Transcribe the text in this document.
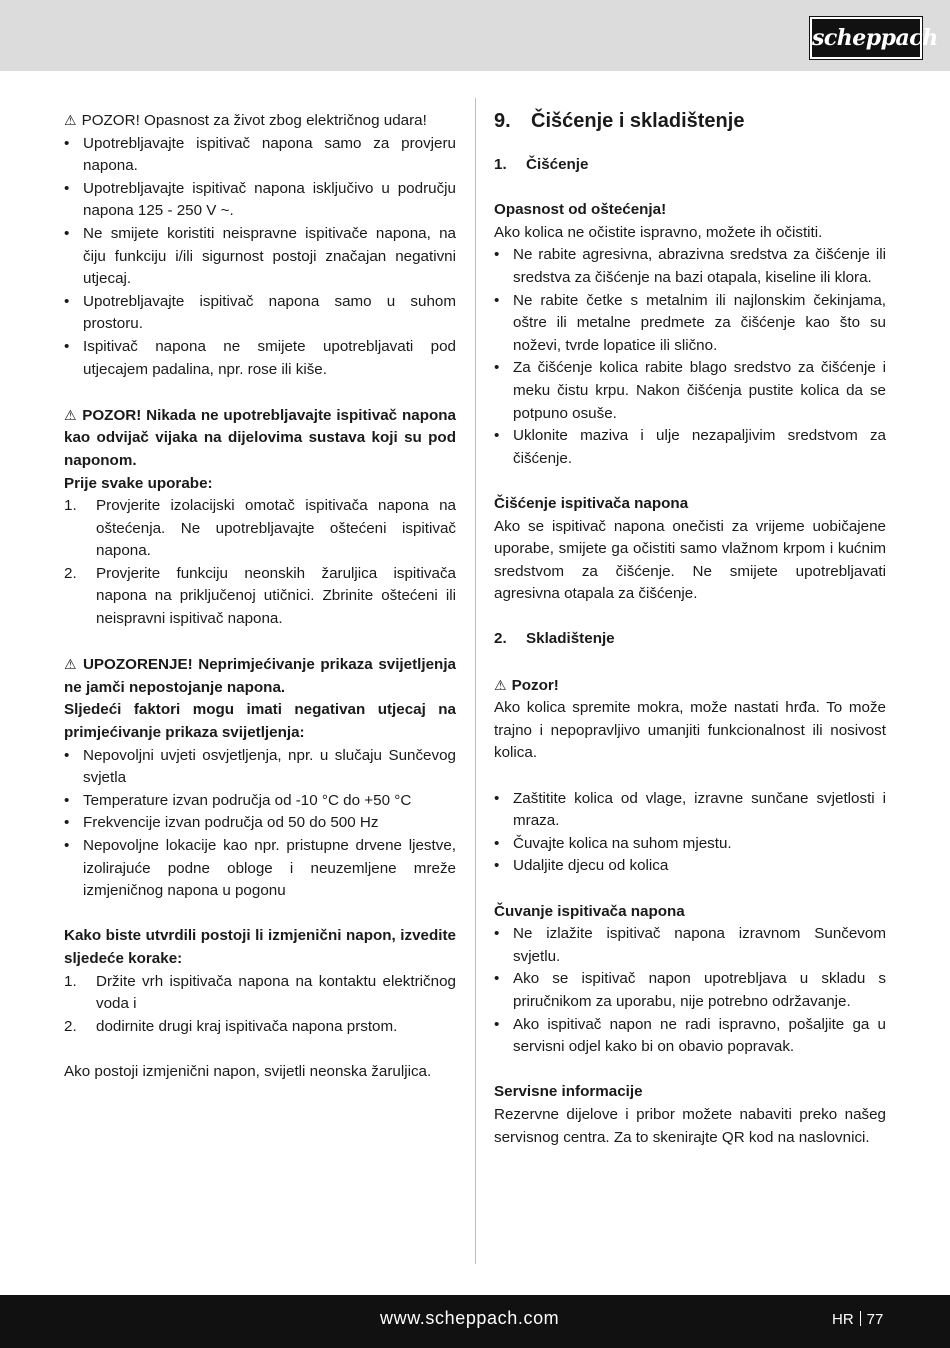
scheppach

⚠ POZOR! Opasnost za život zbog električnog udara!

• Upotrebljavajte ispitivač napona samo za provjeru napona.
• Upotrebljavajte ispitivač napona isključivo u području napona 125 - 250 V ~.
• Ne smijete koristiti neispravne ispitivače napona, na čiju funkciju i/ili sigurnost postoji značajan negativni utjecaj.
• Upotrebljavajte ispitivač napona samo u suhom prostoru.
• Ispitivač napona ne smijete upotrebljavati pod utjecajem padalina, npr. rose ili kiše.

⚠ POZOR! Nikada ne upotrebljavajte ispitivač napona kao odvijač vijaka na dijelovima sustava koji su pod naponom.

Prije svake uporabe:

1. Provjerite izolacijski omotač ispitivača napona na oštećenja. Ne upotrebljavajte oštećeni ispitivač napona.
2. Provjerite funkciju neonskih žaruljica ispitivača napona na priključenoj utičnici. Zbrinite oštećeni ili neispravni ispitivač napona.

⚠ UPOZORENJE! Neprimjećivanje prikaza svijetljenja ne jamči nepostojanje napona.

Sljedeći faktori mogu imati negativan utjecaj na primjećivanje prikaza svijetljenja:

• Nepovoljni uvjeti osvjetljenja, npr. u slučaju Sunčevog svjetla
• Temperature izvan područja od -10 °C do +50 °C
• Frekvencije izvan područja od 50 do 500 Hz
• Nepovoljne lokacije kao npr. pristupne drvene ljestve, izolirajuće podne obloge i neuzemljene mreže izmjeničnog napona u pogonu

Kako biste utvrdili postoji li izmjenični napon, izvedite sljedeće korake:

1. Držite vrh ispitivača napona na kontaktu električnog voda i
2. dodirnite drugi kraj ispitivača napona prstom.

Ako postoji izmjenični napon, svijetli neonska žaruljica.

9. Čišćenje i skladištenje

1. Čišćenje

Opasnost od oštećenja!

Ako kolica ne očistite ispravno, možete ih očistiti.

• Ne rabite agresivna, abrazivna sredstva za čišćenje ili sredstva za čišćenje na bazi otapala, kiseline ili klora.
• Ne rabite četke s metalnim ili najlonskim čekinjama, oštre ili metalne predmete za čišćenje kao što su noževi, tvrde lopatice ili slično.
• Za čišćenje kolica rabite blago sredstvo za čišćenje i meku čistu krpu. Nakon čišćenja pustite kolica da se potpuno osuše.
• Uklonite maziva i ulje nezapaljivim sredstvom za čišćenje.

Čišćenje ispitivača napona

Ako se ispitivač napona onečisti za vrijeme uobičajene uporabe, smijete ga očistiti samo vlažnom krpom i kućnim sredstvom za čišćenje. Ne smijete upotrebljavati agresivna otapala za čišćenje.

2. Skladištenje

⚠ Pozor!

Ako kolica spremite mokra, može nastati hrđa. To može trajno i nepopravljivo umanjiti funkcionalnost ili nosivost kolica.

• Zaštitite kolica od vlage, izravne sunčane svjetlosti i mraza.
• Čuvajte kolica na suhom mjestu.
• Udaljite djecu od kolica

Čuvanje ispitivača napona

• Ne izlažite ispitivač napona izravnom Sunčevom svjetlu.
• Ako se ispitivač napon upotrebljava u skladu s priručnikom za uporabu, nije potrebno održavanje.
• Ako ispitivač napon ne radi ispravno, pošaljite ga u servisni odjel kako bi on obavio popravak.

Servisne informacije

Rezervne dijelove i pribor možete nabaviti preko našeg servisnog centra. Za to skenirajte QR kod na naslovnici.

www.scheppach.com	HR 77
